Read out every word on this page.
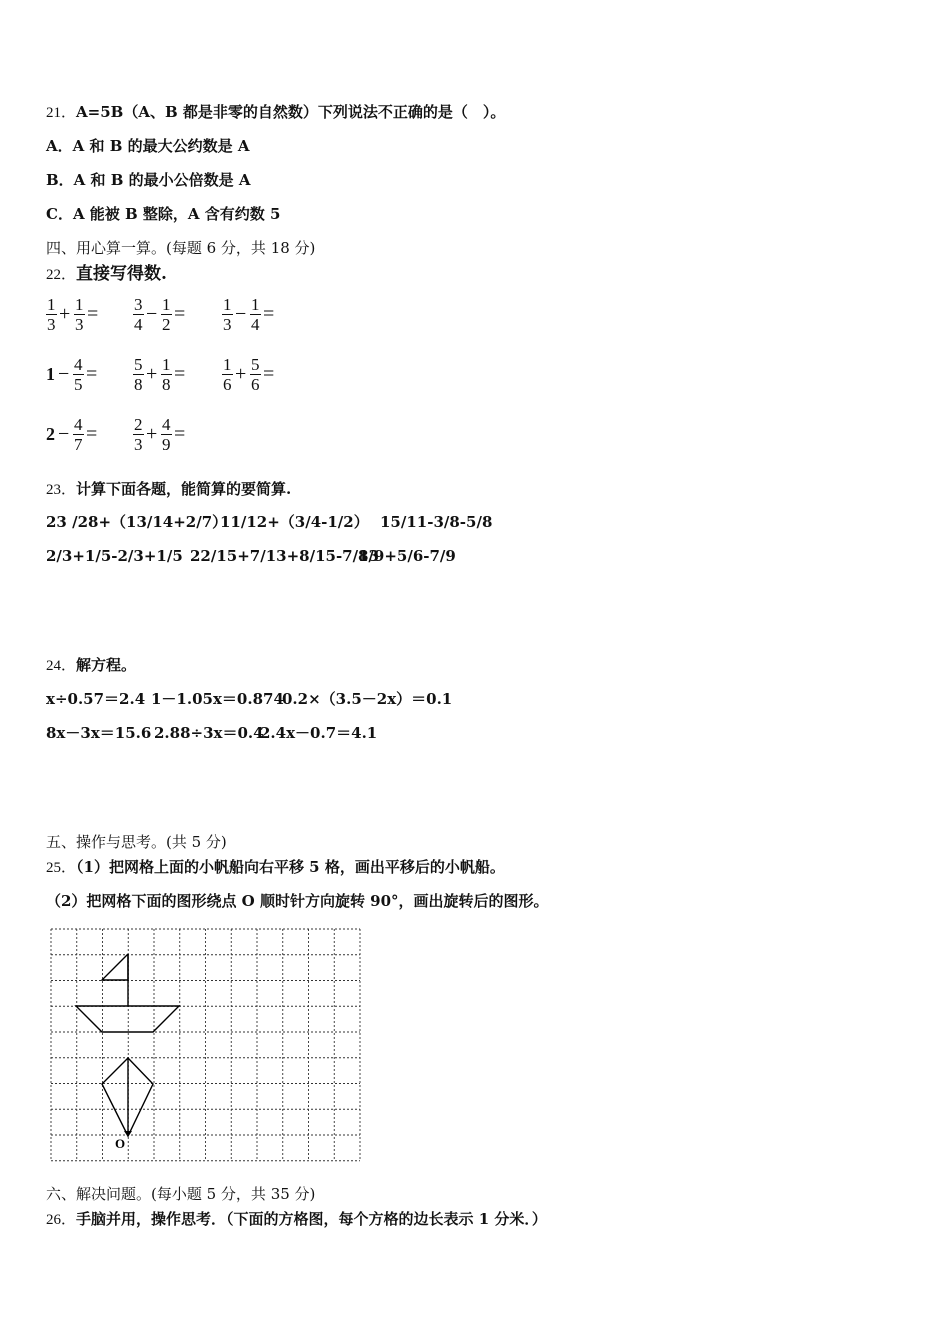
21．A=5B（A、B 都是非零的自然数）下列说法不正确的是（　）。
A．A 和 B 的最大公约数是 A
B．A 和 B 的最小公倍数是 A
C．A 能被 B 整除，A 含有约数 5
四、用心算一算。(每题 6 分，共 18 分)
22．直接写得数.
$\frac{1}{3} + \frac{1}{3} = \frac{3}{4} - \frac{1}{2} = \frac{1}{3} - \frac{1}{4}$ =
$1 - \frac{4}{5} = \frac{5}{8} + \frac{1}{8} = \frac{1}{6} + \frac{5}{6}$ =
$2 - \frac{4}{7} = \frac{2}{3} + \frac{4}{9}$ =
23．计算下面各题，能简算的要简算.
23 /28+（13/14+2/7）
11/12+（3/4-1/2） 15/11-3/8-5/8
2/3+1/5-2/3+1/5 22/15+7/13+8/15-7/13
8/9+5/6-7/9
24．解方程。
x÷0.57＝2.4 1－1.05x＝0.874
0.2×（3.5－2x）＝0.1
8x－3x＝15.6 2.88÷3x＝0.4
2.4x－0.7＝4.1
五、操作与思考。(共 5 分)
25．（1）把网格上面的小帆船向右平移 5 格，画出平移后的小帆船。
（2）把网格下面的图形绕点 O 顺时针方向旋转 90°，画出旋转后的图形。
O
六、解决问题。(每小题 5 分，共 35 分)
26．手脑并用，操作思考．（下面的方格图，每个方格的边长表示 1 分米．）
